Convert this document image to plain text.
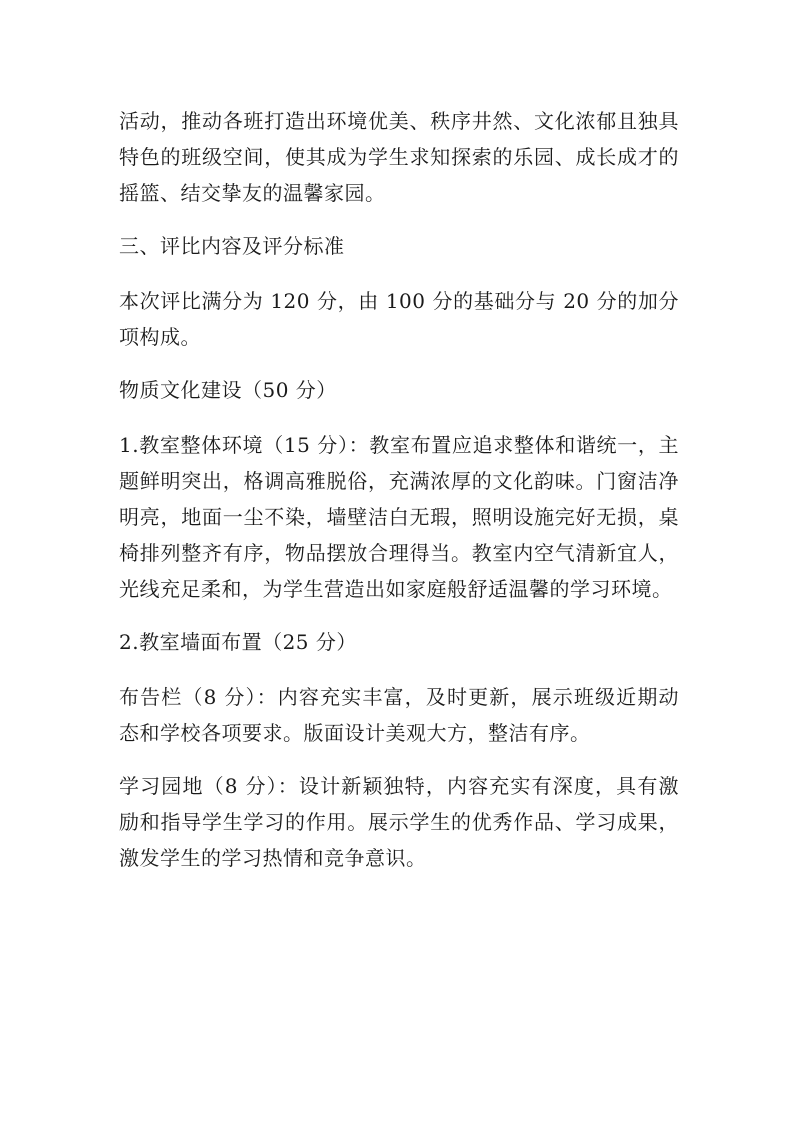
活动，推动各班打造出环境优美、秩序井然、文化浓郁且独具特色的班级空间，使其成为学生求知探索的乐园、成长成才的摇篮、结交挚友的温馨家园。

三、评比内容及评分标准

本次评比满分为 120 分，由 100 分的基础分与 20 分的加分项构成。

物质文化建设（50 分）

1.教室整体环境（15 分）：教室布置应追求整体和谐统一，主题鲜明突出，格调高雅脱俗，充满浓厚的文化韵味。门窗洁净明亮，地面一尘不染，墙壁洁白无瑕，照明设施完好无损，桌椅排列整齐有序，物品摆放合理得当。教室内空气清新宜人，光线充足柔和，为学生营造出如家庭般舒适温馨的学习环境。

2.教室墙面布置（25 分）

布告栏（8 分）：内容充实丰富，及时更新，展示班级近期动态和学校各项要求。版面设计美观大方，整洁有序。

学习园地（8 分）：设计新颖独特，内容充实有深度，具有激励和指导学生学习的作用。展示学生的优秀作品、学习成果，激发学生的学习热情和竞争意识。
